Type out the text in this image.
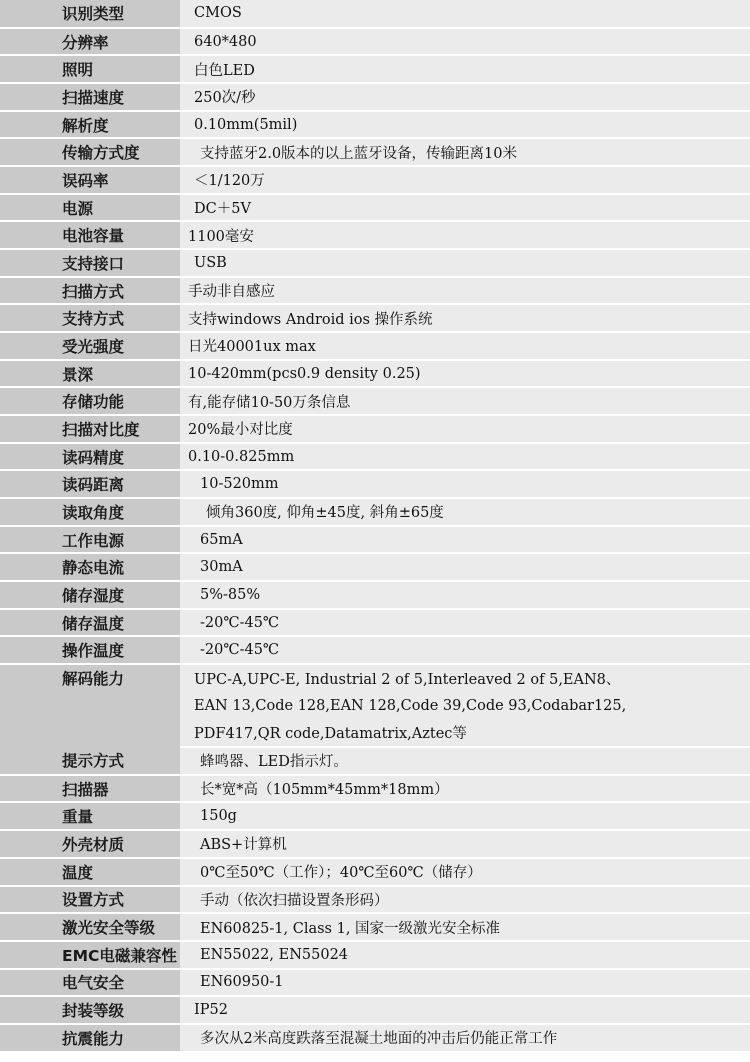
识别类型	CMOS
分辨率	640*480
照明	白色LED
扫描速度	250次/秒
解析度	0.10mm(5mil)
传输方式度	支持蓝牙2.0版本的以上蓝牙设备，传输距离10米
误码率	＜1/120万
电源	DC＋5V
电池容量	1100毫安
支持接口	USB
扫描方式	手动非自感应
支持方式	支持windows Android ios 操作系统
受光强度	日光40001ux max
景深	10-420mm(pcs0.9 density 0.25)
存储功能	有,能存储10-50万条信息
扫描对比度	20%最小对比度
读码精度	0.10-0.825mm
读码距离	10-520mm
读取角度	倾角360度, 仰角±45度, 斜角±65度
工作电源	65mA
静态电流	30mA
储存湿度	5%-85%
储存温度	-20℃-45℃
操作温度	-20℃-45℃
解码能力	UPC-A,UPC-E, Industrial 2 of 5,Interleaved 2 of 5,EAN8、
	EAN 13,Code 128,EAN 128,Code 39,Code 93,Codabar125,
	PDF417,QR code,Datamatrix,Aztec等
提示方式	蜂鸣器、LED指示灯。
扫描器	长*宽*高（105mm*45mm*18mm）
重量	150g
外壳材质	ABS+计算机
温度	0℃至50℃（工作）；40℃至60℃（储存）
设置方式	手动（依次扫描设置条形码）
激光安全等级	EN60825-1, Class 1, 国家一级激光安全标准
EMC电磁兼容性	EN55022, EN55024
电气安全	EN60950-1
封装等级	IP52
抗震能力	多次从2米高度跌落至混凝土地面的冲击后仍能正常工作
